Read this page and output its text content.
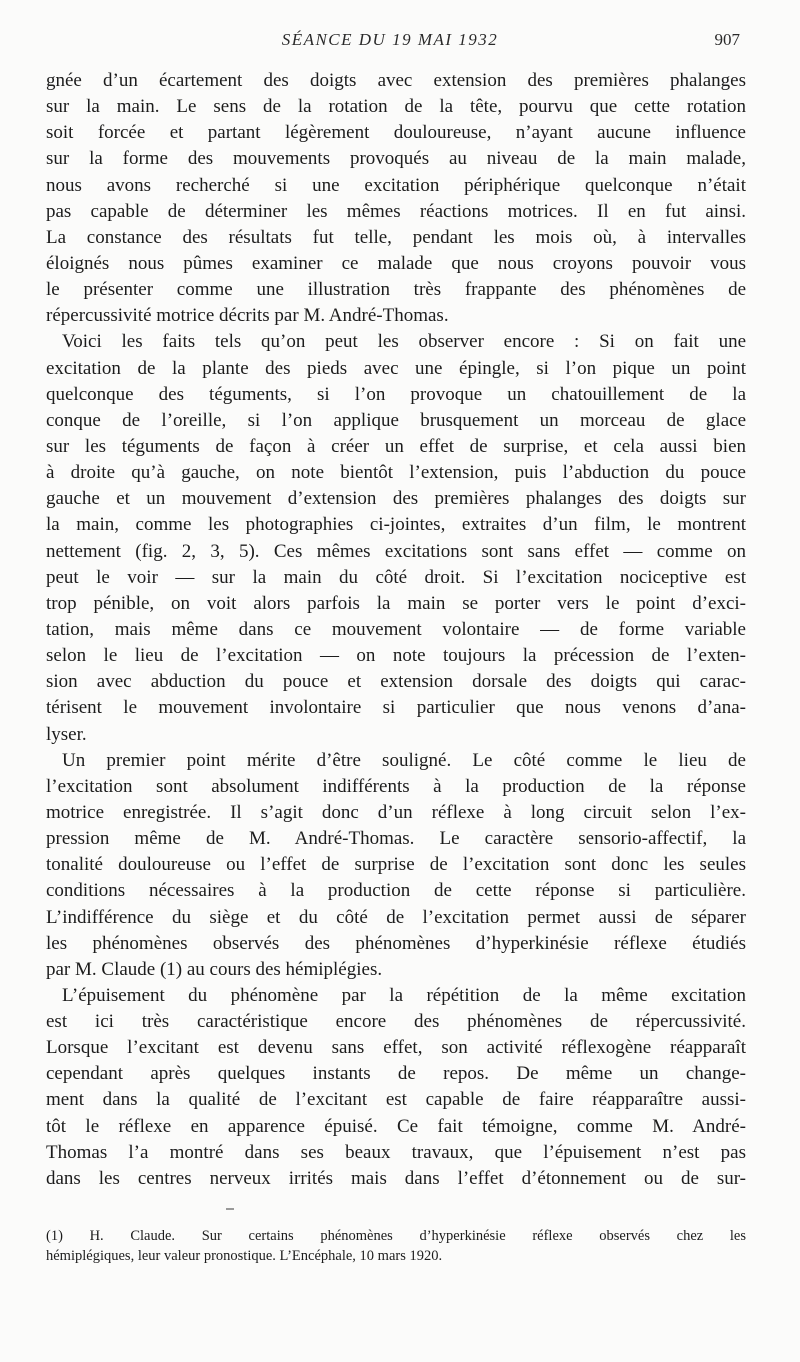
SÉANCE DU 19 MAI 1932	907
gnée d’un écartement des doigts avec extension des premières phalanges
sur la main. Le sens de la rotation de la tête, pourvu que cette rotation
soit forcée et partant légèrement douloureuse, n’ayant aucune influence
sur la forme des mouvements provoqués au niveau de la main malade,
nous avons recherché si une excitation périphérique quelconque n’était
pas capable de déterminer les mêmes réactions motrices. Il en fut ainsi.
La constance des résultats fut telle, pendant les mois où, à intervalles
éloignés nous pûmes examiner ce malade que nous croyons pouvoir vous
le présenter comme une illustration très frappante des phénomènes de
répercussivité motrice décrits par M. André-Thomas.
Voici les faits tels qu’on peut les observer encore : Si on fait une
excitation de la plante des pieds avec une épingle, si l’on pique un point
quelconque des téguments, si l’on provoque un chatouillement de la
conque de l’oreille, si l’on applique brusquement un morceau de glace
sur les téguments de façon à créer un effet de surprise, et cela aussi bien
à droite qu’à gauche, on note bientôt l’extension, puis l’abduction du pouce
gauche et un mouvement d’extension des premières phalanges des doigts sur
la main, comme les photographies ci-jointes, extraites d’un film, le montrent
nettement (fig. 2, 3, 5). Ces mêmes excitations sont sans effet — comme on
peut le voir — sur la main du côté droit. Si l’excitation nociceptive est
trop pénible, on voit alors parfois la main se porter vers le point d’exci-
tation, mais même dans ce mouvement volontaire — de forme variable
selon le lieu de l’excitation — on note toujours la précession de l’exten-
sion avec abduction du pouce et extension dorsale des doigts qui carac-
térisent le mouvement involontaire si particulier que nous venons d’ana-
lyser.
Un premier point mérite d’être souligné. Le côté comme le lieu de
l’excitation sont absolument indifférents à la production de la réponse
motrice enregistrée. Il s’agit donc d’un réflexe à long circuit selon l’ex-
pression même de M. André-Thomas. Le caractère sensorio-affectif, la
tonalité douloureuse ou l’effet de surprise de l’excitation sont donc les seules
conditions nécessaires à la production de cette réponse si particulière.
L’indifférence du siège et du côté de l’excitation permet aussi de séparer
les phénomènes observés des phénomènes d’hyperkinésie réflexe étudiés
par M. Claude (1) au cours des hémiplégies.
L’épuisement du phénomène par la répétition de la même excitation
est ici très caractéristique encore des phénomènes de répercussivité.
Lorsque l’excitant est devenu sans effet, son activité réflexogène réapparaît
cependant après quelques instants de repos. De même un change-
ment dans la qualité de l’excitant est capable de faire réapparaître aussi-
tôt le réflexe en apparence épuisé. Ce fait témoigne, comme M. André-
Thomas l’a montré dans ses beaux travaux, que l’épuisement n’est pas
dans les centres nerveux irrités mais dans l’effet d’étonnement ou de sur-
(1) H. Claude. Sur certains phénomènes d’hyperkinésie réflexe observés chez les
hémiplégiques, leur valeur pronostique. L’Encéphale, 10 mars 1920.
